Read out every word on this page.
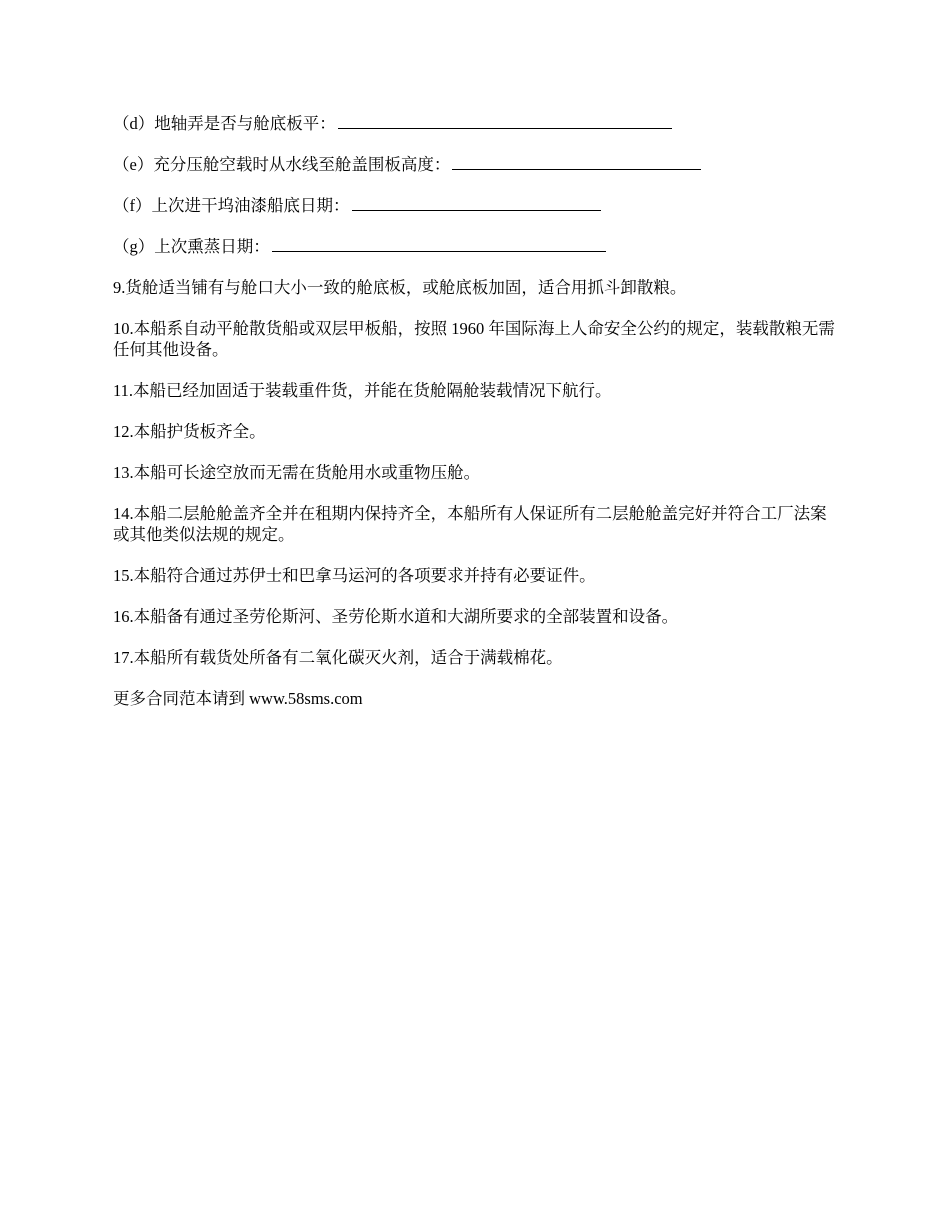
（d）地轴弄是否与舱底板平：

（e）充分压舱空载时从水线至舱盖围板高度：

（f）上次进干坞油漆船底日期：

（g）上次熏蒸日期：

9.货舱适当铺有与舱口大小一致的舱底板，或舱底板加固，适合用抓斗卸散粮。

10.本船系自动平舱散货船或双层甲板船，按照 1960 年国际海上人命安全公约的规定，装载散粮无需任何其他设备。

11.本船已经加固适于装载重件货，并能在货舱隔舱装载情况下航行。

12.本船护货板齐全。

13.本船可长途空放而无需在货舱用水或重物压舱。

14.本船二层舱舱盖齐全并在租期内保持齐全，本船所有人保证所有二层舱舱盖完好并符合工厂法案或其他类似法规的规定。

15.本船符合通过苏伊士和巴拿马运河的各项要求并持有必要证件。

16.本船备有通过圣劳伦斯河、圣劳伦斯水道和大湖所要求的全部装置和设备。

17.本船所有载货处所备有二氧化碳灭火剂，适合于满载棉花。

更多合同范本请到 www.58sms.com
